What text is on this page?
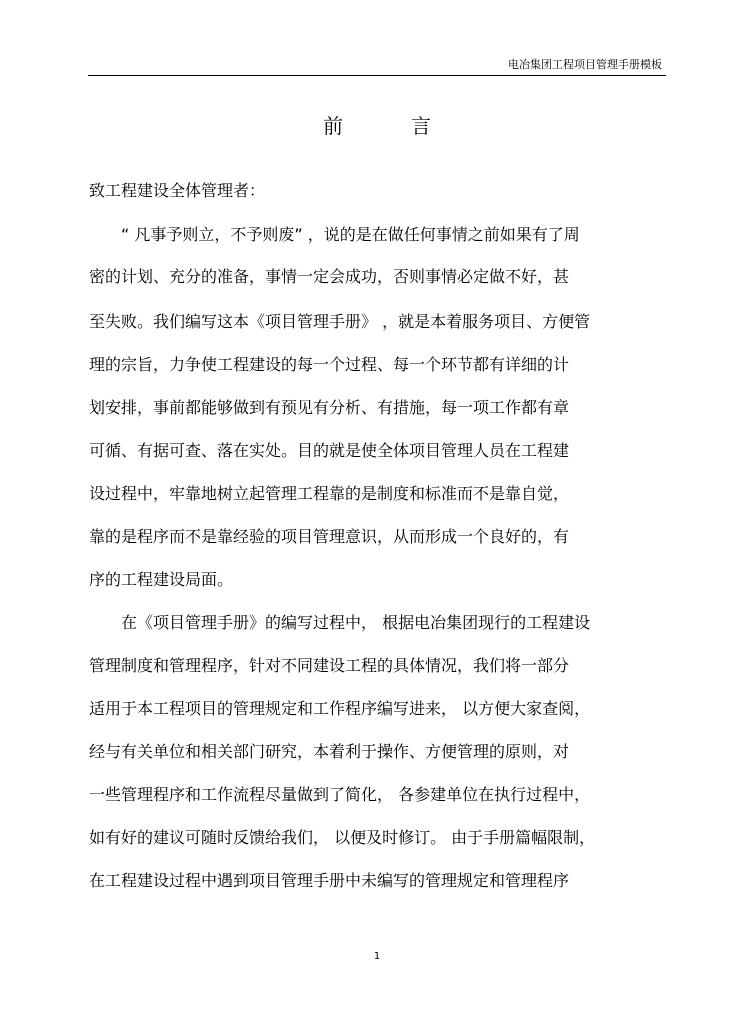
电冶集团工程项目管理手册模板
前言
致工程建设全体管理者：
“ 凡事予则立，不予则废” ，说的是在做任何事情之前如果有了周
密的计划、充分的准备，事情一定会成功，否则事情必定做不好，甚
至失败。我们编写这本《项目管理手册》 ，就是本着服务项目、方便管
理的宗旨，力争使工程建设的每一个过程、每一个环节都有详细的计
划安排，事前都能够做到有预见有分析、有措施，每一项工作都有章
可循、有据可查、落在实处。目的就是使全体项目管理人员在工程建
设过程中，牢靠地树立起管理工程靠的是制度和标准而不是靠自觉，
靠的是程序而不是靠经验的项目管理意识，从而形成一个良好的，有
序的工程建设局面。
在《项目管理手册》的编写过程中， 根据电冶集团现行的工程建设
管理制度和管理程序，针对不同建设工程的具体情况，我们将一部分
适用于本工程项目的管理规定和工作程序编写进来， 以方便大家查阅，
经与有关单位和相关部门研究，本着利于操作、方便管理的原则，对
一些管理程序和工作流程尽量做到了简化， 各参建单位在执行过程中，
如有好的建议可随时反馈给我们， 以便及时修订。 由于手册篇幅限制，
在工程建设过程中遇到项目管理手册中未编写的管理规定和管理程序
1
